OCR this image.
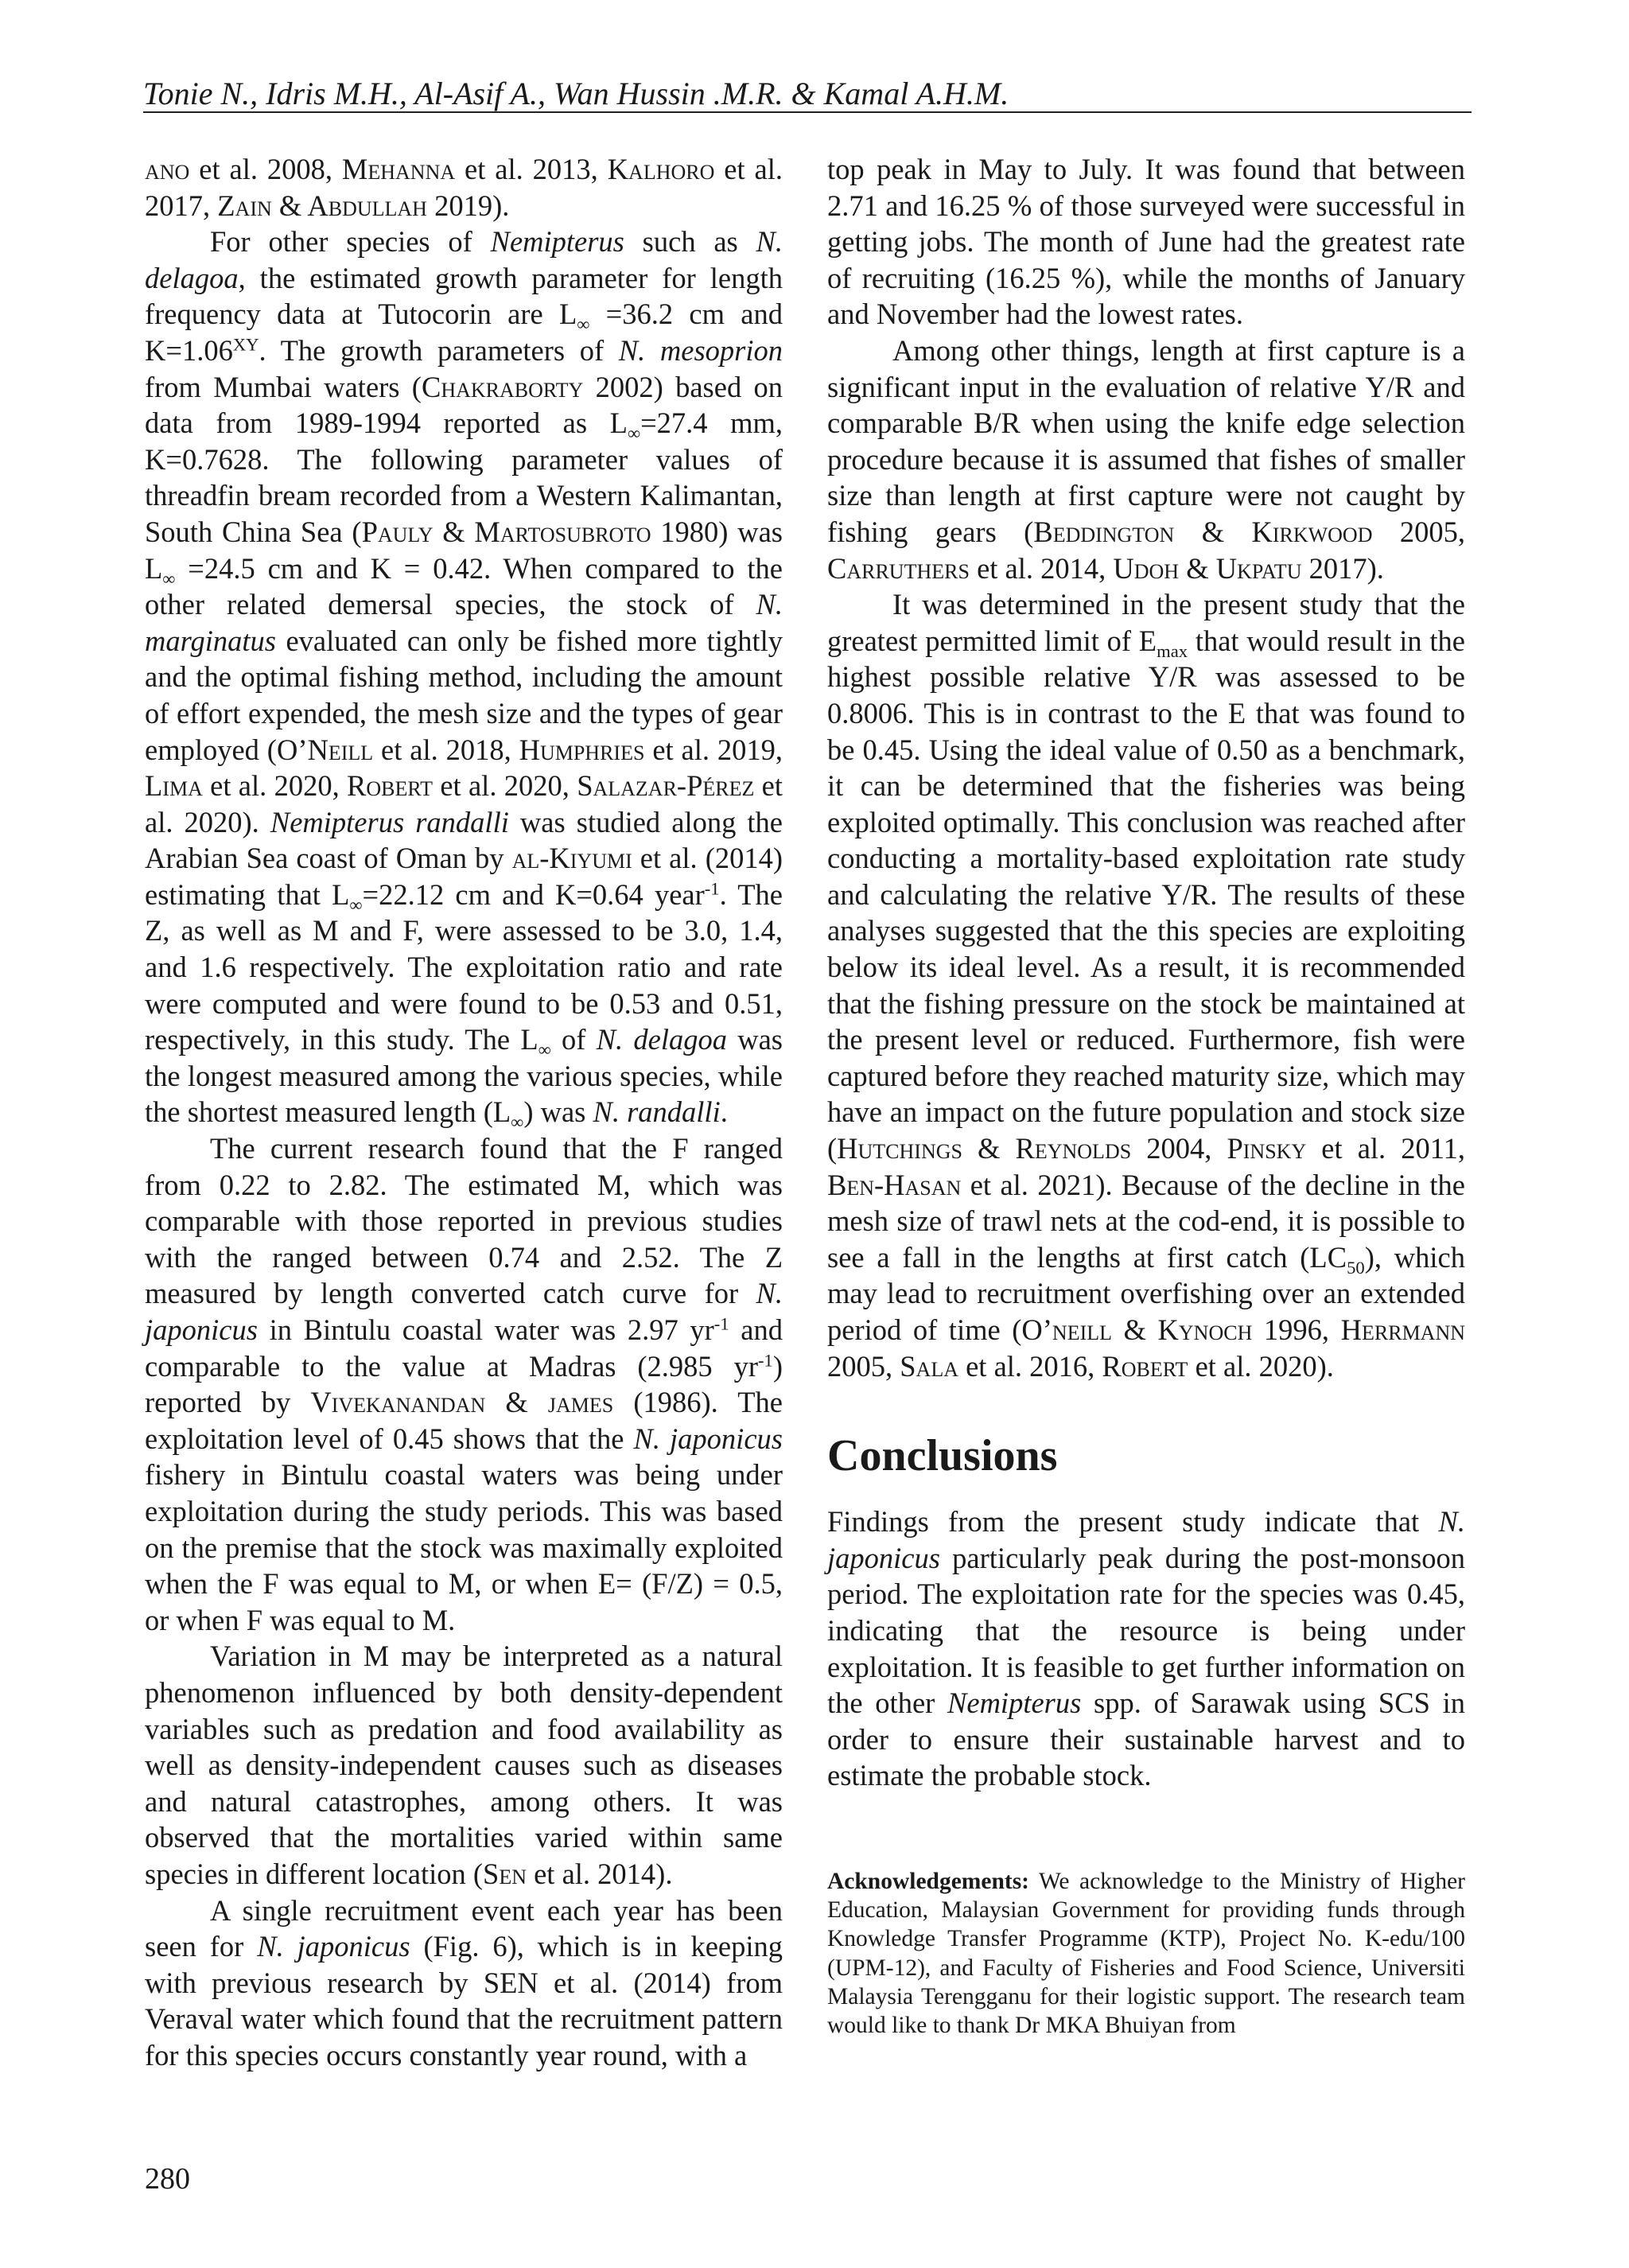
Tonie N., Idris M.H., Al-Asif A., Wan Hussin .M.R. & Kamal A.H.M.

ano et al. 2008, Mehanna et al. 2013, Kalhoro et al. 2017, Zain & Abdullah 2019).

For other species of Nemipterus such as N. delagoa, the estimated growth parameter for length frequency data at Tutocorin are $L_\infty =36.2$ cm and $K=1.06^{XY}$. The growth parameters of N. mesoprion from Mumbai waters (Chakraborty 2002) based on data from 1989-1994 reported as $L_\infty=27.4$ mm, K=0.7628. The following parameter values of threadfin bream recorded from a Western Kalimantan, South China Sea (Pauly & Martosubroto 1980) was $L_\infty =24.5$ cm and K = 0.42. When compared to the other related demersal species, the stock of N. marginatus evaluated can only be fished more tightly and the optimal fishing method, including the amount of effort expended, the mesh size and the types of gear employed (O’Neill et al. 2018, Humphries et al. 2019, Lima et al. 2020, Robert et al. 2020, Salazar-Pérez et al. 2020). Nemipterus randalli was studied along the Arabian Sea coast of Oman by al-Kiyumi et al. (2014) estimating that $L_\infty=22.12$ cm and K=0.64 year$^{-1}$. The Z, as well as M and F, were assessed to be 3.0, 1.4, and 1.6 respectively. The exploitation ratio and rate were computed and were found to be 0.53 and 0.51, respectively, in this study. The $L_\infty$ of N. delagoa was the longest measured among the various species, while the shortest measured length $(L_\infty)$ was N. randalli.

The current research found that the F ranged from 0.22 to 2.82. The estimated M, which was comparable with those reported in previous studies with the ranged between 0.74 and 2.52. The Z measured by length converted catch curve for N. japonicus in Bintulu coastal water was 2.97 $yr^{-1}$ and comparable to the value at Madras (2.985 $yr^{-1}$) reported by Vivekanandan & james (1986). The exploitation level of 0.45 shows that the N. japonicus fishery in Bintulu coastal waters was being under exploitation during the study periods. This was based on the premise that the stock was maximally exploited when the F was equal to M, or when E= (F/Z) = 0.5, or when F was equal to M.

Variation in M may be interpreted as a natural phenomenon influenced by both density-dependent variables such as predation and food availability as well as density-independent causes such as diseases and natural catastrophes, among others. It was observed that the mortalities varied within same species in different location (Sen et al. 2014).

A single recruitment event each year has been seen for N. japonicus (Fig. 6), which is in keeping with previous research by SEN et al. (2014) from Veraval water which found that the recruitment pattern for this species occurs constantly year round, with a

top peak in May to July. It was found that between 2.71 and 16.25 % of those surveyed were successful in getting jobs. The month of June had the greatest rate of recruiting (16.25 %), while the months of January and November had the lowest rates.

Among other things, length at first capture is a significant input in the evaluation of relative Y/R and comparable B/R when using the knife edge selection procedure because it is assumed that fishes of smaller size than length at first capture were not caught by fishing gears (Beddington & Kirkwood 2005, Carruthers et al. 2014, Udoh & Ukpatu 2017).

It was determined in the present study that the greatest permitted limit of $E_{max}$ that would result in the highest possible relative Y/R was assessed to be 0.8006. This is in contrast to the E that was found to be 0.45. Using the ideal value of 0.50 as a benchmark, it can be determined that the fisheries was being exploited optimally. This conclusion was reached after conducting a mortality-based exploitation rate study and calculating the relative Y/R. The results of these analyses suggested that the this species are exploiting below its ideal level. As a result, it is recommended that the fishing pressure on the stock be maintained at the present level or reduced. Furthermore, fish were captured before they reached maturity size, which may have an impact on the future population and stock size (Hutchings & Reynolds 2004, Pinsky et al. 2011, Ben-Hasan et al. 2021). Because of the decline in the mesh size of trawl nets at the cod-end, it is possible to see a fall in the lengths at first catch $(LC_{50})$, which may lead to recruitment overfishing over an extended period of time (O’neill & Kynoch 1996, Herrmann 2005, Sala et al. 2016, Robert et al. 2020).

Conclusions

Findings from the present study indicate that N. japonicus particularly peak during the post-monsoon period. The exploitation rate for the species was 0.45, indicating that the resource is being under exploitation. It is feasible to get further information on the other Nemipterus spp. of Sarawak using SCS in order to ensure their sustainable harvest and to estimate the probable stock.

Acknowledgements: We acknowledge to the Ministry of Higher Education, Malaysian Government for providing funds through Knowledge Transfer Programme (KTP), Project No. K-edu/100 (UPM-12), and Faculty of Fisheries and Food Science, Universiti Malaysia Terengganu for their logistic support. The research team would like to thank Dr MKA Bhuiyan from

280
